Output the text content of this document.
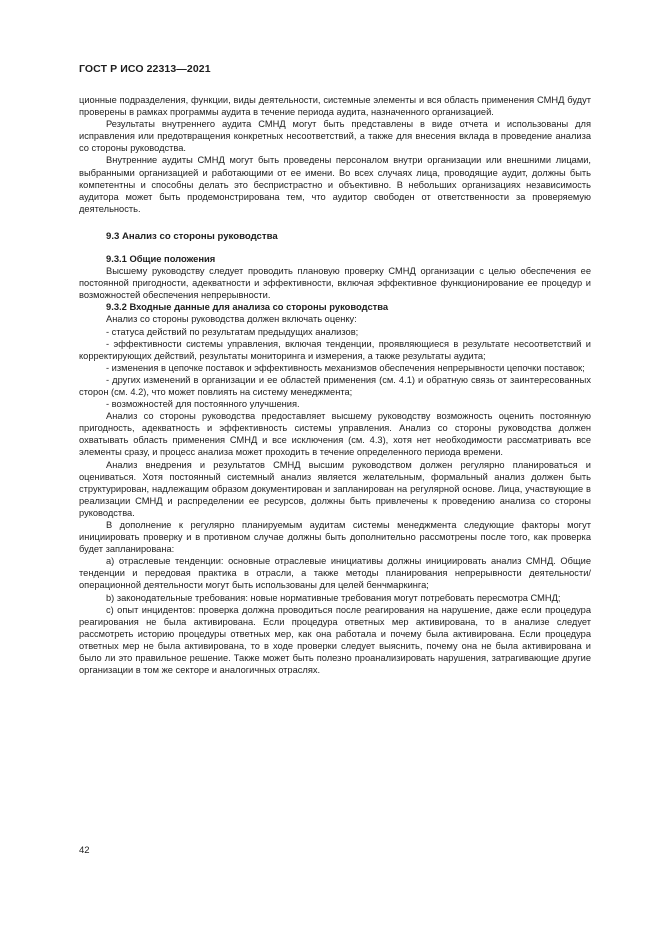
ГОСТ Р ИСО 22313—2021

ционные подразделения, функции, виды деятельности, системные элементы и вся область применения СМНД будут проверены в рамках программы аудита в течение периода аудита, назначенного организацией.

Результаты внутреннего аудита СМНД могут быть представлены в виде отчета и использованы для исправления или предотвращения конкретных несоответствий, а также для внесения вклада в проведение анализа со стороны руководства.

Внутренние аудиты СМНД могут быть проведены персоналом внутри организации или внешними лицами, выбранными организацией и работающими от ее имени. Во всех случаях лица, проводящие аудит, должны быть компетентны и способны делать это беспристрастно и объективно. В небольших организациях независимость аудитора может быть продемонстрирована тем, что аудитор свободен от ответственности за проверяемую деятельность.

9.3 Анализ со стороны руководства
9.3.1 Общие положения

Высшему руководству следует проводить плановую проверку СМНД организации с целью обеспечения ее постоянной пригодности, адекватности и эффективности, включая эффективное функционирование ее процедур и возможностей обеспечения непрерывности.

9.3.2 Входные данные для анализа со стороны руководства

Анализ со стороны руководства должен включать оценку:

- статуса действий по результатам предыдущих анализов;

- эффективности системы управления, включая тенденции, проявляющиеся в результате несоответствий и корректирующих действий, результаты мониторинга и измерения, а также результаты аудита;

- изменения в цепочке поставок и эффективность механизмов обеспечения непрерывности цепочки поставок;

- других изменений в организации и ее областей применения (см. 4.1) и обратную связь от заинтересованных сторон (см. 4.2), что может повлиять на систему менеджмента;

- возможностей для постоянного улучшения.

Анализ со стороны руководства предоставляет высшему руководству возможность оценить постоянную пригодность, адекватность и эффективность системы управления. Анализ со стороны руководства должен охватывать область применения СМНД и все исключения (см. 4.3), хотя нет необходимости рассматривать все элементы сразу, и процесс анализа может проходить в течение определенного периода времени.

Анализ внедрения и результатов СМНД высшим руководством должен регулярно планироваться и оцениваться. Хотя постоянный системный анализ является желательным, формальный анализ должен быть структурирован, надлежащим образом документирован и запланирован на регулярной основе. Лица, участвующие в реализации СМНД и распределении ее ресурсов, должны быть привлечены к проведению анализа со стороны руководства.

В дополнение к регулярно планируемым аудитам системы менеджмента следующие факторы могут инициировать проверку и в противном случае должны быть дополнительно рассмотрены после того, как проверка будет запланирована:

a) отраслевые тенденции: основные отраслевые инициативы должны инициировать анализ СМНД. Общие тенденции и передовая практика в отрасли, а также методы планирования непрерывности деятельности/операционной деятельности могут быть использованы для целей бенчмаркинга;

b) законодательные требования: новые нормативные требования могут потребовать пересмотра СМНД;

c) опыт инцидентов: проверка должна проводиться после реагирования на нарушение, даже если процедура реагирования не была активирована. Если процедура ответных мер активирована, то в анализе следует рассмотреть историю процедуры ответных мер, как она работала и почему была активирована. Если процедура ответных мер не была активирована, то в ходе проверки следует выяснить, почему она не была активирована и было ли это правильное решение. Также может быть полезно проанализировать нарушения, затрагивающие другие организации в том же секторе и аналогичных отраслях.

42
